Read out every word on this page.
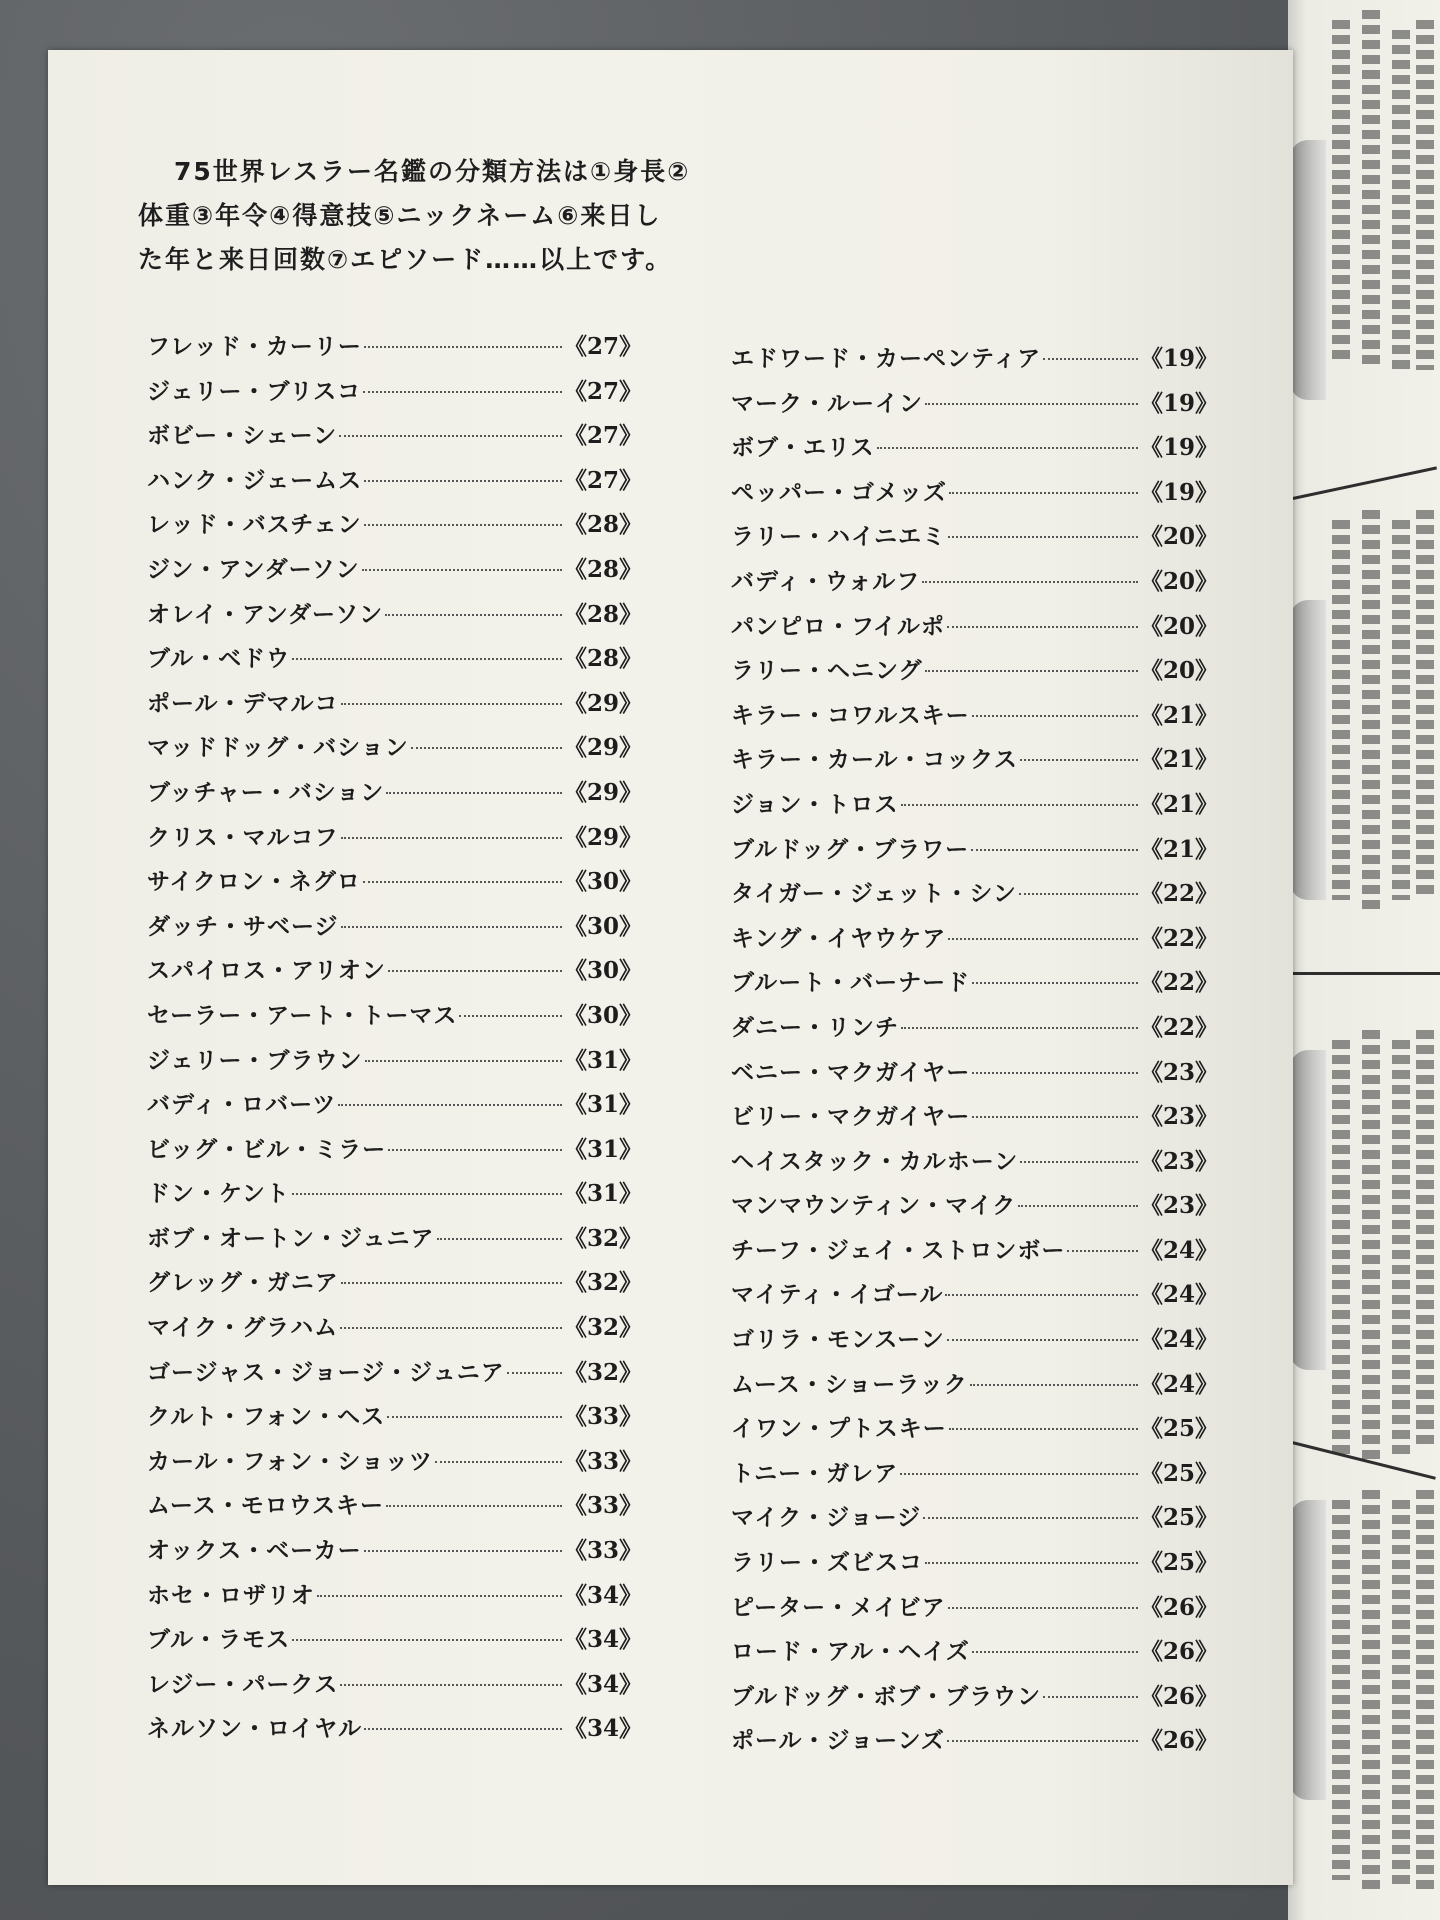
75世界レスラー名鑑の分類方法は①身長②
体重③年令④得意技⑤ニックネーム⑥来日し
た年と来日回数⑦エピソード……以上です。
フレッド・カーリー	《27》
ジェリー・ブリスコ	《27》
ボビー・シェーン	《27》
ハンク・ジェームス	《27》
レッド・バスチェン	《28》
ジン・アンダーソン	《28》
オレイ・アンダーソン	《28》
ブル・ベドウ	《28》
ポール・デマルコ	《29》
マッドドッグ・バション	《29》
ブッチャー・バション	《29》
クリス・マルコフ	《29》
サイクロン・ネグロ	《30》
ダッチ・サベージ	《30》
スパイロス・アリオン	《30》
セーラー・アート・トーマス	《30》
ジェリー・ブラウン	《31》
バディ・ロバーツ	《31》
ビッグ・ビル・ミラー	《31》
ドン・ケント	《31》
ボブ・オートン・ジュニア	《32》
グレッグ・ガニア	《32》
マイク・グラハム	《32》
ゴージャス・ジョージ・ジュニア	《32》
クルト・フォン・ヘス	《33》
カール・フォン・ショッツ	《33》
ムース・モロウスキー	《33》
オックス・ベーカー	《33》
ホセ・ロザリオ	《34》
ブル・ラモス	《34》
レジー・パークス	《34》
ネルソン・ロイヤル	《34》
エドワード・カーペンティア	《19》
マーク・ルーイン	《19》
ボブ・エリス	《19》
ペッパー・ゴメッズ	《19》
ラリー・ハイニエミ	《20》
バディ・ウォルフ	《20》
パンピロ・フイルポ	《20》
ラリー・ヘニング	《20》
キラー・コワルスキー	《21》
キラー・カール・コックス	《21》
ジョン・トロス	《21》
ブルドッグ・ブラワー	《21》
タイガー・ジェット・シン	《22》
キング・イヤウケア	《22》
ブルート・バーナード	《22》
ダニー・リンチ	《22》
ベニー・マクガイヤー	《23》
ビリー・マクガイヤー	《23》
ヘイスタック・カルホーン	《23》
マンマウンティン・マイク	《23》
チーフ・ジェイ・ストロンボー	《24》
マイティ・イゴール	《24》
ゴリラ・モンスーン	《24》
ムース・ショーラック	《24》
イワン・プトスキー	《25》
トニー・ガレア	《25》
マイク・ジョージ	《25》
ラリー・ズビスコ	《25》
ピーター・メイビア	《26》
ロード・アル・ヘイズ	《26》
ブルドッグ・ボブ・ブラウン	《26》
ポール・ジョーンズ	《26》
